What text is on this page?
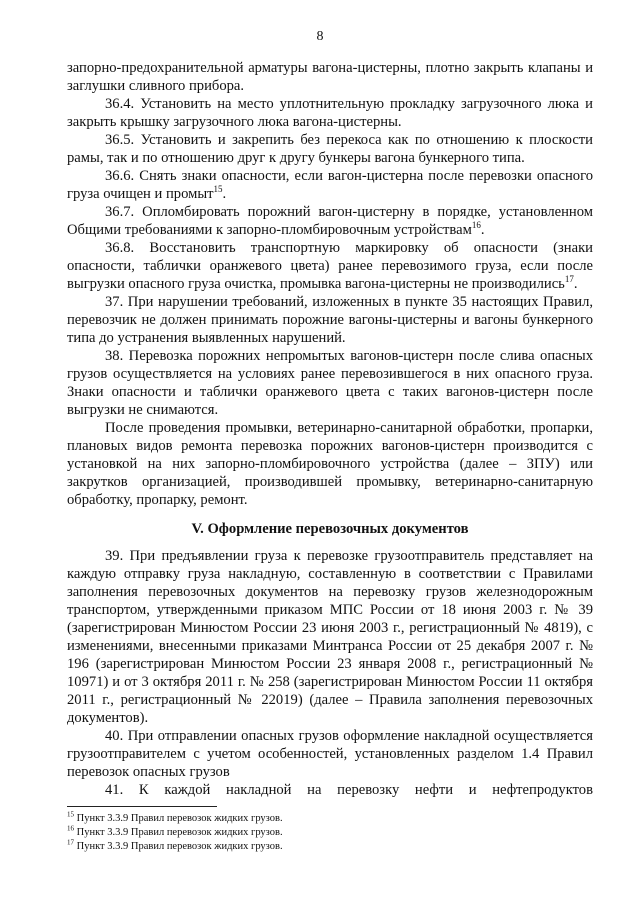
8

запорно-предохранительной арматуры вагона-цистерны, плотно закрыть клапаны и заглушки сливного прибора.

36.4. Установить на место уплотнительную прокладку загрузочного люка и закрыть крышку загрузочного люка вагона-цистерны.

36.5. Установить и закрепить без перекоса как по отношению к плоскости рамы, так и по отношению друг к другу бункеры вагона бункерного типа.

36.6. Снять знаки опасности, если вагон-цистерна после перевозки опасного груза очищен и промыт$^{15}$.

36.7. Опломбировать порожний вагон-цистерну в порядке, установленном Общими требованиями к запорно-пломбировочным устройствам$^{16}$.

36.8. Восстановить транспортную маркировку об опасности (знаки опасности, таблички оранжевого цвета) ранее перевозимого груза, если после выгрузки опасного груза очистка, промывка вагона-цистерны не производились$^{17}$.

37. При нарушении требований, изложенных в пункте 35 настоящих Правил, перевозчик не должен принимать порожние вагоны-цистерны и вагоны бункерного типа до устранения выявленных нарушений.

38. Перевозка порожних непромытых вагонов-цистерн после слива опасных грузов осуществляется на условиях ранее перевозившегося в них опасного груза. Знаки опасности и таблички оранжевого цвета с таких вагонов-цистерн после выгрузки не снимаются.

После проведения промывки, ветеринарно-санитарной обработки, пропарки, плановых видов ремонта перевозка порожних вагонов-цистерн производится с установкой на них запорно-пломбировочного устройства (далее – ЗПУ) или закрутков организацией, производившей промывку, ветеринарно-санитарную обработку, пропарку, ремонт.

V. Оформление перевозочных документов

39. При предъявлении груза к перевозке грузоотправитель представляет на каждую отправку груза накладную, составленную в соответствии с Правилами заполнения перевозочных документов на перевозку грузов железнодорожным транспортом, утвержденными приказом МПС России от 18 июня 2003 г. № 39 (зарегистрирован Минюстом России 23 июня 2003 г., регистрационный № 4819), с изменениями, внесенными приказами Минтранса России от 25 декабря 2007 г. № 196 (зарегистрирован Минюстом России 23 января 2008 г., регистрационный № 10971) и от 3 октября 2011 г. № 258 (зарегистрирован Минюстом России 11 октября 2011 г., регистрационный № 22019) (далее – Правила заполнения перевозочных документов).

40. При отправлении опасных грузов оформление накладной осуществляется грузоотправителем с учетом особенностей, установленных разделом 1.4 Правил перевозок опасных грузов

41. К каждой накладной на перевозку нефти и нефтепродуктов

$^{15}$ Пункт 3.3.9 Правил перевозок жидких грузов.
$^{16}$ Пункт 3.3.9 Правил перевозок жидких грузов.
$^{17}$ Пункт 3.3.9 Правил перевозок жидких грузов.
